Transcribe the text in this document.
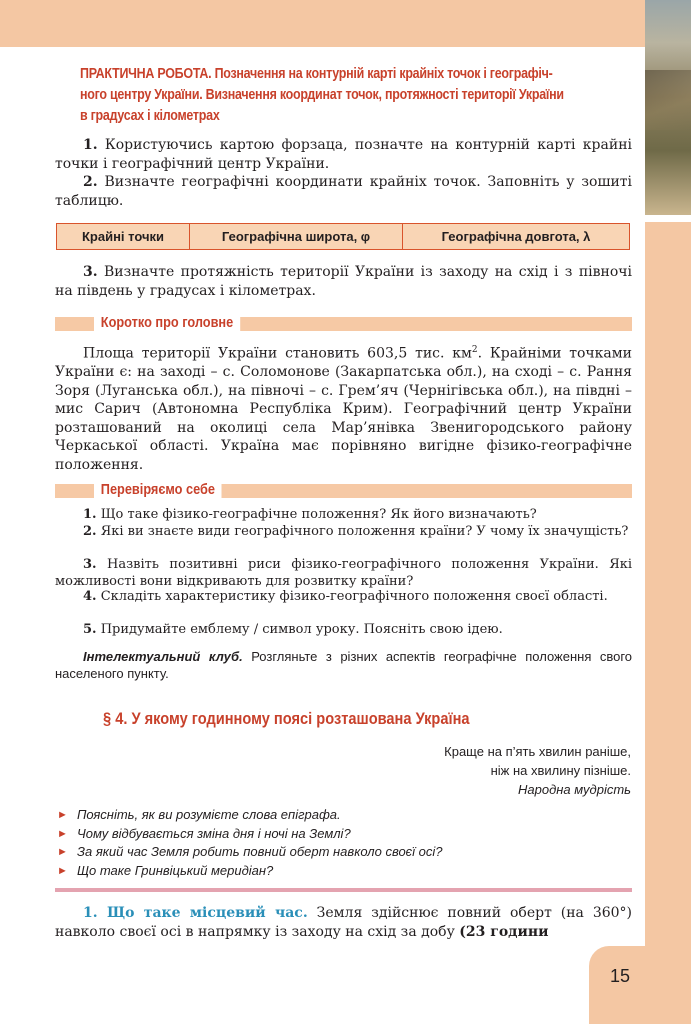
15
ПРАКТИЧНА РОБОТА. Позначення на контурній карті крайніх точок і географіч-
ного центру України. Визначення координат точок, протяжності території України
в градусах і кілометрах
1. Користуючись картою форзаца, позначте на контурній карті крайні точки і географічний центр України.
2. Визначте географічні координати крайніх точок. Заповніть у зошиті таблицю.
Крайні точки	Географічна широта, φ	Географічна довгота, λ
3. Визначте протяжність території України із заходу на схід і з півночі на південь у градусах і кілометрах.
Коротко про головне
Площа території України становить 603,5 тис. $км^2$. Крайніми точками України є: на заході – с. Соломонове (Закарпатська обл.), на сході – с. Рання Зоря (Луганська обл.), на півночі – с. Грем’яч (Чернігівська обл.), на півдні – мис Сарич (Автономна Республіка Крим). Географічний центр України розташований на околиці села Мар’янівка Звенигородського району Черкаської області. Україна має порівняно вигідне фізико-географічне положення.
Перевіряємо себе
1. Що таке фізико-географічне положення? Як його визначають?
2. Які ви знаєте види географічного положення країни? У чому їх значущість?
3. Назвіть позитивні риси фізико-географічного положення України. Які можливості вони відкривають для розвитку країни?
4. Складіть характеристику фізико-географічного положення своєї області.
5. Придумайте емблему / символ уроку. Поясніть свою ідею.
Інтелектуальний клуб. Розгляньте з різних аспектів географічне положення свого населеного пункту.
§ 4. У якому годинному поясі розташована Україна
Краще на п’ять хвилин раніше,
ніж на хвилину пізніше.
Народна мудрість
► Поясніть, як ви розумієте слова епіграфа.
► Чому відбувається зміна дня і ночі на Землі?
► За який час Земля робить повний оберт навколо своєї осі?
► Що таке Гринвіцький меридіан?
1. Що таке місцевий час. Земля здійснює повний оберт (на 360°) навколо своєї осі в напрямку із заходу на схід за добу (23 години
